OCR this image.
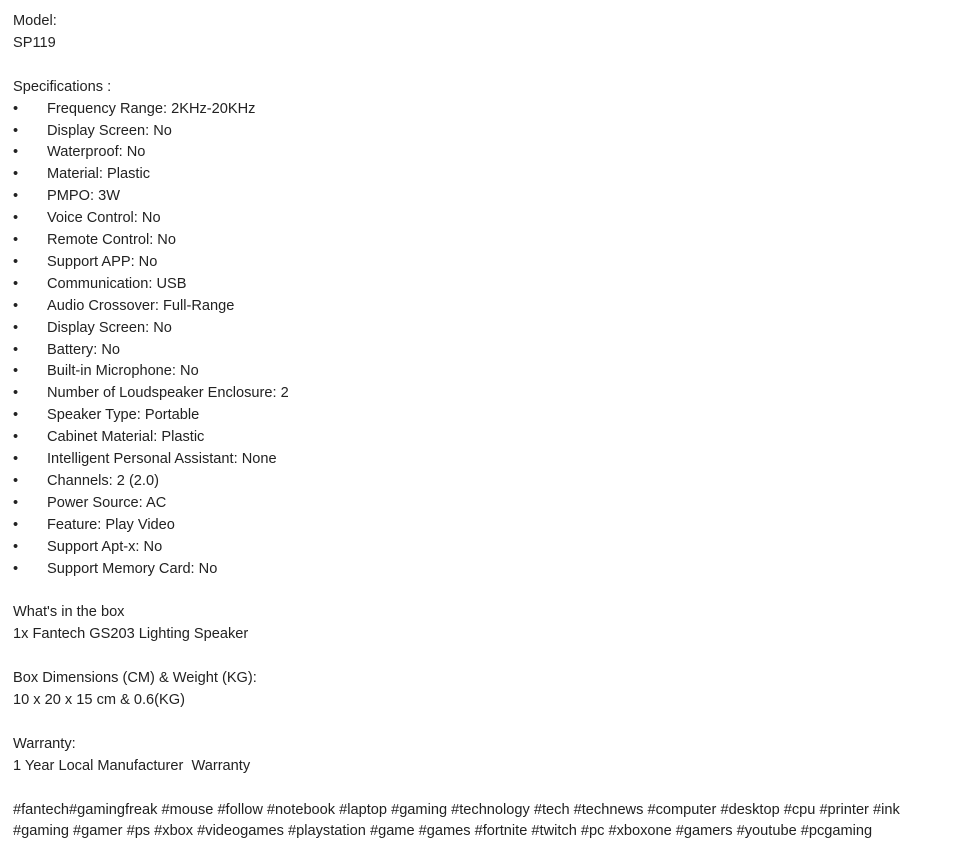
Model:
SP119
Specifications :
•	Frequency Range: 2KHz-20KHz
•	Display Screen: No
•	Waterproof: No
•	Material: Plastic
•	PMPO: 3W
•	Voice Control: No
•	Remote Control: No
•	Support APP: No
•	Communication: USB
•	Audio Crossover: Full-Range
•	Display Screen: No
•	Battery: No
•	Built-in Microphone: No
•	Number of Loudspeaker Enclosure: 2
•	Speaker Type: Portable
•	Cabinet Material: Plastic
•	Intelligent Personal Assistant: None
•	Channels: 2 (2.0)
•	Power Source: AC
•	Feature: Play Video
•	Support Apt-x: No
•	Support Memory Card: No
What's in the box
1x Fantech GS203 Lighting Speaker
Box Dimensions (CM) & Weight (KG):
10 x 20 x 15 cm & 0.6(KG)
Warranty:
1 Year Local Manufacturer  Warranty
#fantech#gamingfreak #mouse #follow #notebook #laptop #gaming #technology #tech #technews #computer #desktop #cpu #printer #ink
#gaming #gamer #ps #xbox #videogames #playstation #game #games #fortnite #twitch #pc #xboxone #gamers #youtube #pcgaming
